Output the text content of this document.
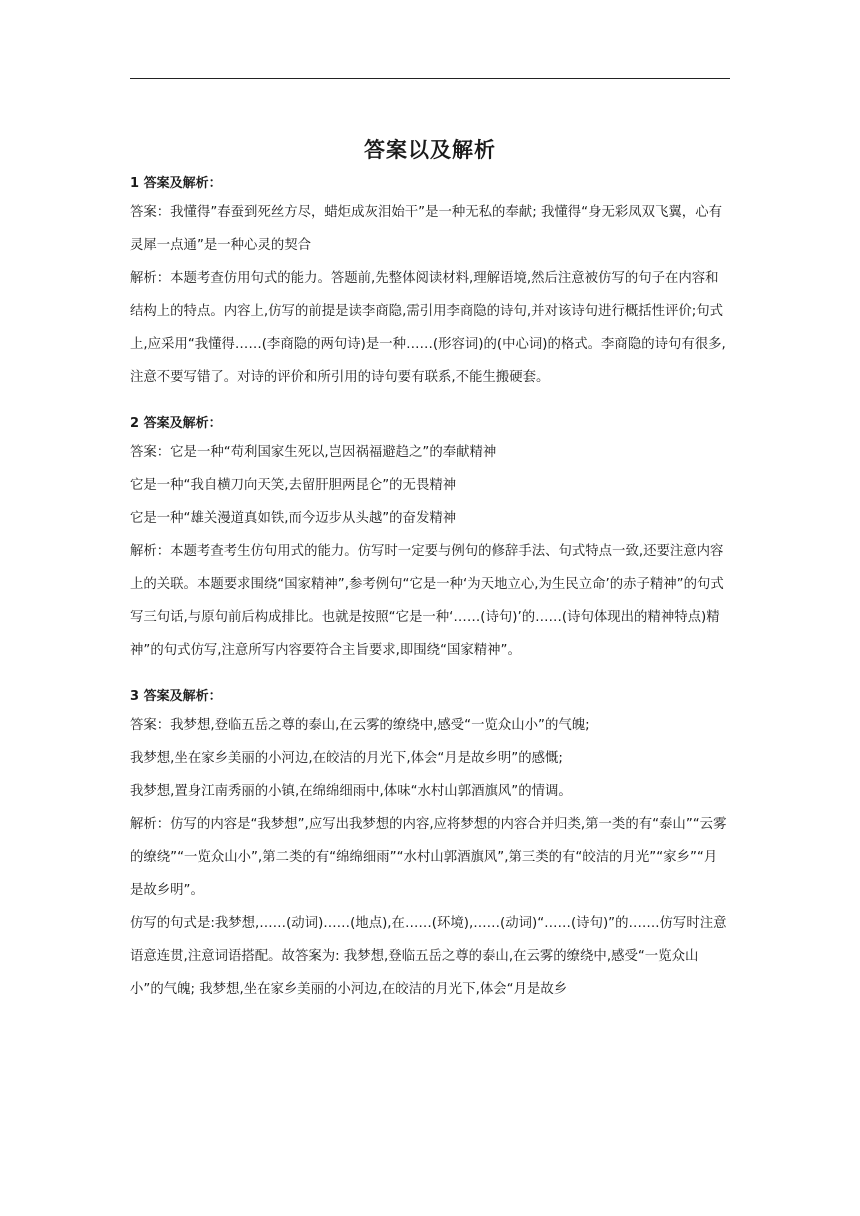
答案以及解析
1 答案及解析：

答案：我懂得”春蚕到死丝方尽，蜡炬成灰泪始干”是一种无私的奉献; 我懂得“身无彩凤双飞翼，心有灵犀一点通”是一种心灵的契合

解析：本题考查仿用句式的能力。答题前,先整体阅读材料,理解语境,然后注意被仿写的句子在内容和结构上的特点。内容上,仿写的前提是读李商隐,需引用李商隐的诗句,并对该诗句进行概括性评价;句式上,应采用“我懂得……(李商隐的两句诗)是一种……(形容词)的(中心词)的格式。李商隐的诗句有很多,注意不要写错了。对诗的评价和所引用的诗句要有联系,不能生搬硬套。

2 答案及解析：

答案：它是一种“苟利国家生死以,岂因祸福避趋之”的奉献精神

它是一种“我自横刀向天笑,去留肝胆两昆仑”的无畏精神

它是一种“雄关漫道真如铁,而今迈步从头越”的奋发精神

解析：本题考查考生仿句用式的能力。仿写时一定要与例句的修辞手法、句式特点一致,还要注意内容上的关联。本题要求围绕“国家精神”,参考例句“它是一种‘为天地立心,为生民立命’的赤子精神”的句式写三句话,与原句前后构成排比。也就是按照“它是一种‘……(诗句)’的……(诗句体现出的精神特点)精神”的句式仿写,注意所写内容要符合主旨要求,即围绕“国家精神”。

3 答案及解析：

答案：我梦想,登临五岳之尊的泰山,在云雾的缭绕中,感受“一览众山小”的气魄;

我梦想,坐在家乡美丽的小河边,在皎洁的月光下,体会“月是故乡明”的感慨;

我梦想,置身江南秀丽的小镇,在绵绵细雨中,体味“水村山郭酒旗风”的情调。

解析：仿写的内容是“我梦想”,应写出我梦想的内容,应将梦想的内容合并归类,第一类的有“泰山”“云雾的缭绕”“一览众山小”,第二类的有“绵绵细雨”“水村山郭酒旗风”,第三类的有“皎洁的月光”“家乡”“月是故乡明”。

仿写的句式是:我梦想,……(动词)……(地点),在……(环境),……(动词)“……(诗句)”的…….仿写时注意语意连贯,注意词语搭配。故答案为: 我梦想,登临五岳之尊的泰山,在云雾的缭绕中,感受“一览众山小”的气魄; 我梦想,坐在家乡美丽的小河边,在皎洁的月光下,体会“月是故乡
